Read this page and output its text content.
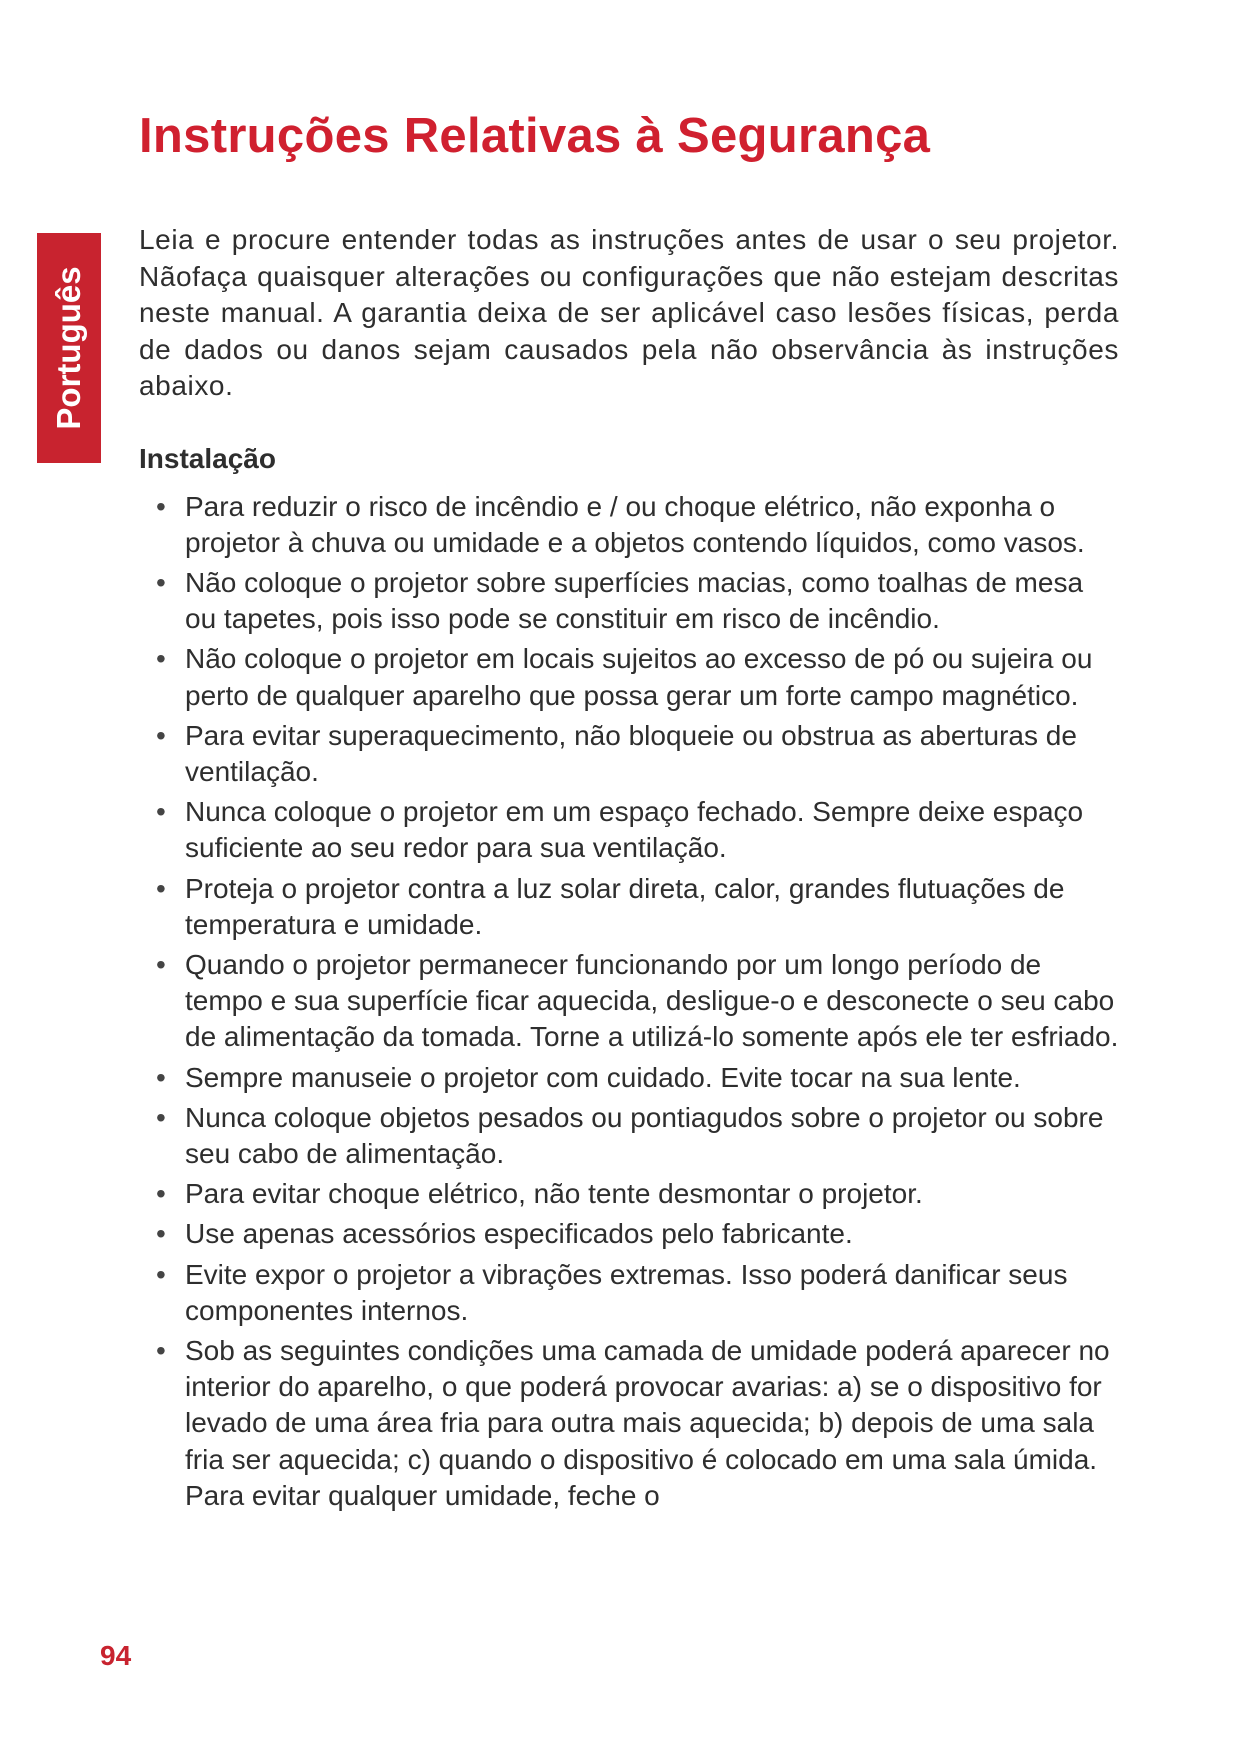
Instruções Relativas à Segurança
Português

Leia e procure entender todas as instruções antes de usar o seu projetor. Nãofaça quaisquer alterações ou configurações que não estejam descritas neste manual. A garantia deixa de ser aplicável caso lesões físicas, perda de dados ou danos sejam causados pela não observância às instruções abaixo.

Instalação
• Para reduzir o risco de incêndio e / ou choque elétrico, não exponha o projetor à chuva ou umidade e a objetos contendo líquidos, como vasos.
• Não coloque o projetor sobre superfícies macias, como toalhas de mesa ou tapetes, pois isso pode se constituir em risco de incêndio.
• Não coloque o projetor em locais sujeitos ao excesso de pó ou sujeira ou perto de qualquer aparelho que possa gerar um forte campo magnético.
• Para evitar superaquecimento, não bloqueie ou obstrua as aberturas de ventilação.
• Nunca coloque o projetor em um espaço fechado. Sempre deixe espaço suficiente ao seu redor para sua ventilação.
• Proteja o projetor contra a luz solar direta, calor, grandes flutuações de temperatura e umidade.
• Quando o projetor permanecer funcionando por um longo período de tempo e sua superfície ficar aquecida, desligue-o e desconecte o seu cabo de alimentação da tomada. Torne a utilizá-lo somente após ele ter esfriado.
• Sempre manuseie o projetor com cuidado. Evite tocar na sua lente.
• Nunca coloque objetos pesados ou pontiagudos sobre o projetor ou sobre seu cabo de alimentação.
• Para evitar choque elétrico, não tente desmontar o projetor.
• Use apenas acessórios especificados pelo fabricante.
• Evite expor o projetor a vibrações extremas. Isso poderá danificar seus componentes internos.
• Sob as seguintes condições uma camada de umidade poderá aparecer no interior do aparelho, o que poderá provocar avarias: a) se o dispositivo for levado de uma área fria para outra mais aquecida; b) depois de uma sala fria ser aquecida; c) quando o dispositivo é colocado em uma sala úmida. Para evitar qualquer umidade, feche o
94
